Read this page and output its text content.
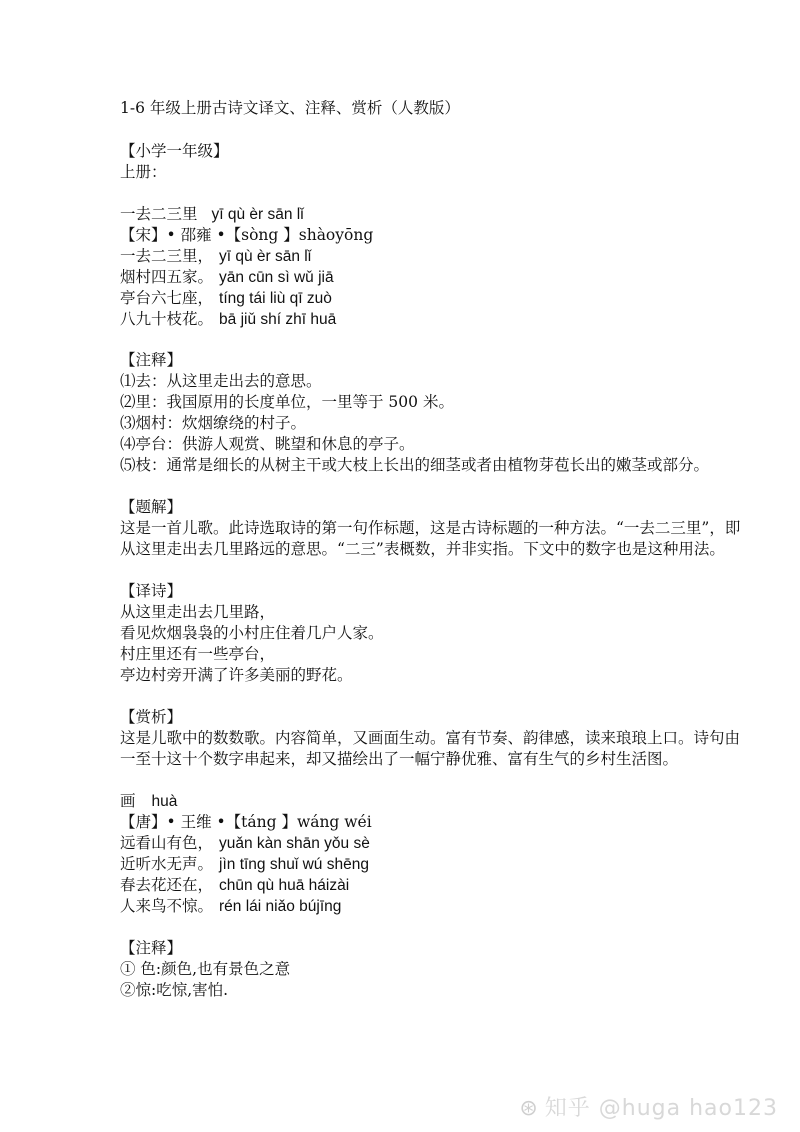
1-6 年级上册古诗文译文、注释、赏析（人教版）
【小学一年级】
上册：
一去二三里 yī qù èr sān lǐ
【宋】• 邵雍 •【sòng 】shàoyōng
一去二三里， yī qù èr sān lǐ
烟村四五家。 yān cūn sì wǔ jiā
亭台六七座， tíng tái liù qī zuò
八九十枝花。 bā jiǔ shí zhī huā
【注释】
⑴去：从这里走出去的意思。
⑵里：我国原用的长度单位，一里等于 500 米。
⑶烟村：炊烟缭绕的村子。
⑷亭台：供游人观赏、眺望和休息的亭子。
⑸枝：通常是细长的从树主干或大枝上长出的细茎或者由植物芽苞长出的嫩茎或部分。
【题解】
这是一首儿歌。此诗选取诗的第一句作标题，这是古诗标题的一种方法。“一去二三里”，即
从这里走出去几里路远的意思。“二三”表概数，并非实指。下文中的数字也是这种用法。
【译诗】
从这里走出去几里路，
看见炊烟袅袅的小村庄住着几户人家。
村庄里还有一些亭台，
亭边村旁开满了许多美丽的野花。
【赏析】
这是儿歌中的数数歌。内容简单，又画面生动。富有节奏、韵律感，读来琅琅上口。诗句由
一至十这十个数字串起来，却又描绘出了一幅宁静优雅、富有生气的乡村生活图。
画 huà
【唐】• 王维 •【táng 】wáng wéi
远看山有色， yuǎn kàn shān yǒu sè
近听水无声。 jìn tīng shuǐ wú shēng
春去花还在， chūn qù huā háizài
人来鸟不惊。 rén lái niǎo bújīng
【注释】
① 色:颜色,也有景色之意
②惊:吃惊,害怕.
⊛ 知乎 @huga hao123
